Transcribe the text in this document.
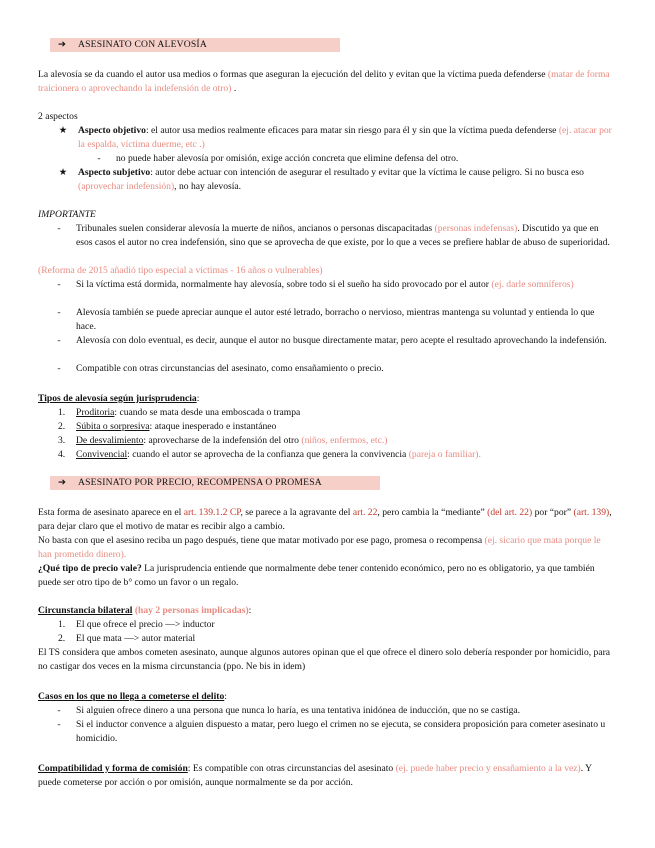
➔ ASESINATO CON ALEVOSÍA
La alevosía se da cuando el autor usa medios o formas que aseguran la ejecución del delito y evitan que la víctima pueda defenderse (matar de forma traicionera o aprovechando la indefensión de otro) .
2 aspectos
★ Aspecto objetivo: el autor usa medios realmente eficaces para matar sin riesgo para él y sin que la víctima pueda defenderse (ej. atacar por la espalda, víctima duerme, etc .)
-	no puede haber alevosía por omisión, exige acción concreta que elimine defensa del otro.
★ Aspecto subjetivo: autor debe actuar con intención de asegurar el resultado y evitar que la víctima le cause peligro. Si no busca eso (aprovechar indefensión), no hay alevosía.
IMPORTANTE
-	Tribunales suelen considerar alevosía la muerte de niños, ancianos o personas discapacitadas (personas indefensas). Discutido ya que en esos casos el autor no crea indefensión, sino que se aprovecha de que existe, por lo que a veces se prefiere hablar de abuso de superioridad.
(Reforma de 2015 añadió tipo especial a víctimas - 16 años o vulnerables)
-	Si la víctima está dormida, normalmente hay alevosía, sobre todo si el sueño ha sido provocado por el autor (ej. darle somníferos)
-	Alevosía también se puede apreciar aunque el autor esté letrado, borracho o nervioso, mientras mantenga su voluntad y entienda lo que hace.
-	Alevosía con dolo eventual, es decir, aunque el autor no busque directamente matar, pero acepte el resultado aprovechando la indefensión.
-	Compatible con otras circunstancias del asesinato, como ensañamiento o precio.
Tipos de alevosía según jurisprudencia:
1. Proditoria: cuando se mata desde una emboscada o trampa
2. Súbita o sorpresiva: ataque inesperado e instantáneo
3. De desvalimiento: aprovecharse de la indefensión del otro (niños, enfermos, etc.)
4. Convivencial: cuando el autor se aprovecha de la confianza que genera la convivencia (pareja o familiar).
➔ ASESINATO POR PRECIO, RECOMPENSA O PROMESA
Esta forma de asesinato aparece en el art. 139.1.2 CP, se parece a la agravante del art. 22, pero cambia la “mediante” (del art. 22) por “por” (art. 139), para dejar claro que el motivo de matar es recibir algo a cambio.
No basta con que el asesino reciba un pago después, tiene que matar motivado por ese pago, promesa o recompensa (ej. sicario que mata porque le han prometido dinero).
¿Qué tipo de precio vale? La jurisprudencia entiende que normalmente debe tener contenido económico, pero no es obligatorio, ya que también puede ser otro tipo de b° como un favor o un regalo.
Circunstancia bilateral (hay 2 personas implicadas):
1. El que ofrece el precio —> inductor
2. El que mata —> autor material
El TS considera que ambos cometen asesinato, aunque algunos autores opinan que el que ofrece el dinero solo debería responder por homicidio, para no castigar dos veces en la misma circunstancia (ppo. Ne bis in idem)
Casos en los que no llega a cometerse el delito:
-	Si alguien ofrece dinero a una persona que nunca lo haría, es una tentativa inidónea de inducción, que no se castiga.
-	Si el inductor convence a alguien dispuesto a matar, pero luego el crimen no se ejecuta, se considera proposición para cometer asesinato u homicidio.
Compatibilidad y forma de comisión: Es compatible con otras circunstancias del asesinato (ej. puede haber precio y ensañamiento a la vez). Y puede cometerse por acción o por omisión, aunque normalmente se da por acción.
